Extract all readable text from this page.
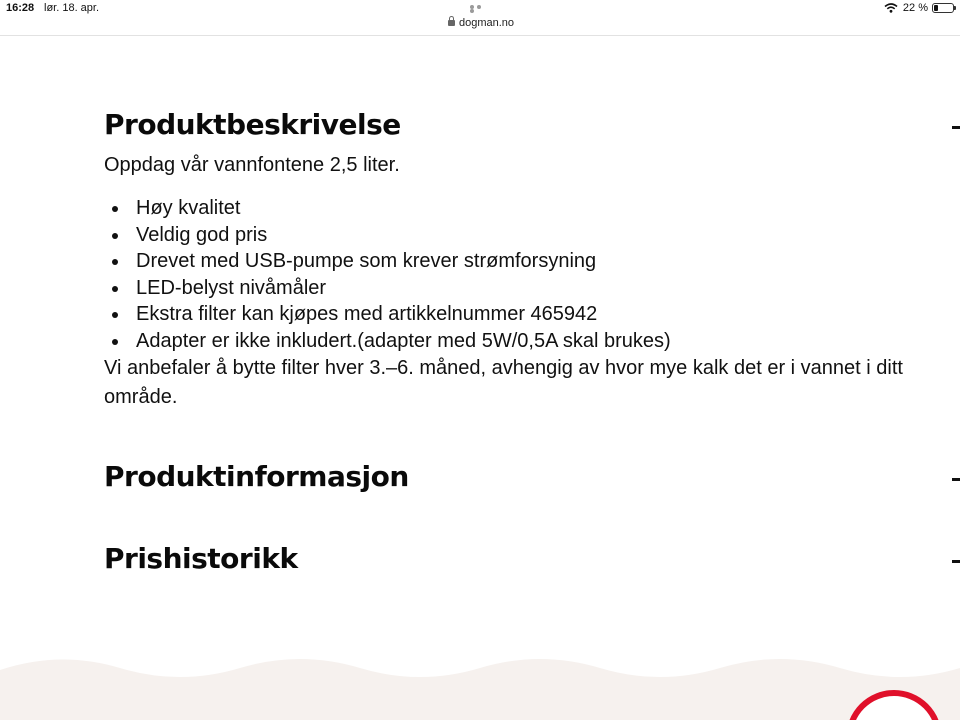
16:28 lør. 18. apr.
dogman.no
22 %
Produktbeskrivelse

Oppdag vår vannfontene 2,5 liter.

Høy kvalitet
Veldig god pris
Drevet med USB-pumpe som krever strømforsyning
LED-belyst nivåmåler
Ekstra filter kan kjøpes med artikkelnummer 465942
Adapter er ikke inkludert.(adapter med 5W/0,5A skal brukes)

Vi anbefaler å bytte filter hver 3.–6. måned, avhengig av hvor mye kalk det er i vannet i ditt område.

Produktinformasjon
Prishistorikk
